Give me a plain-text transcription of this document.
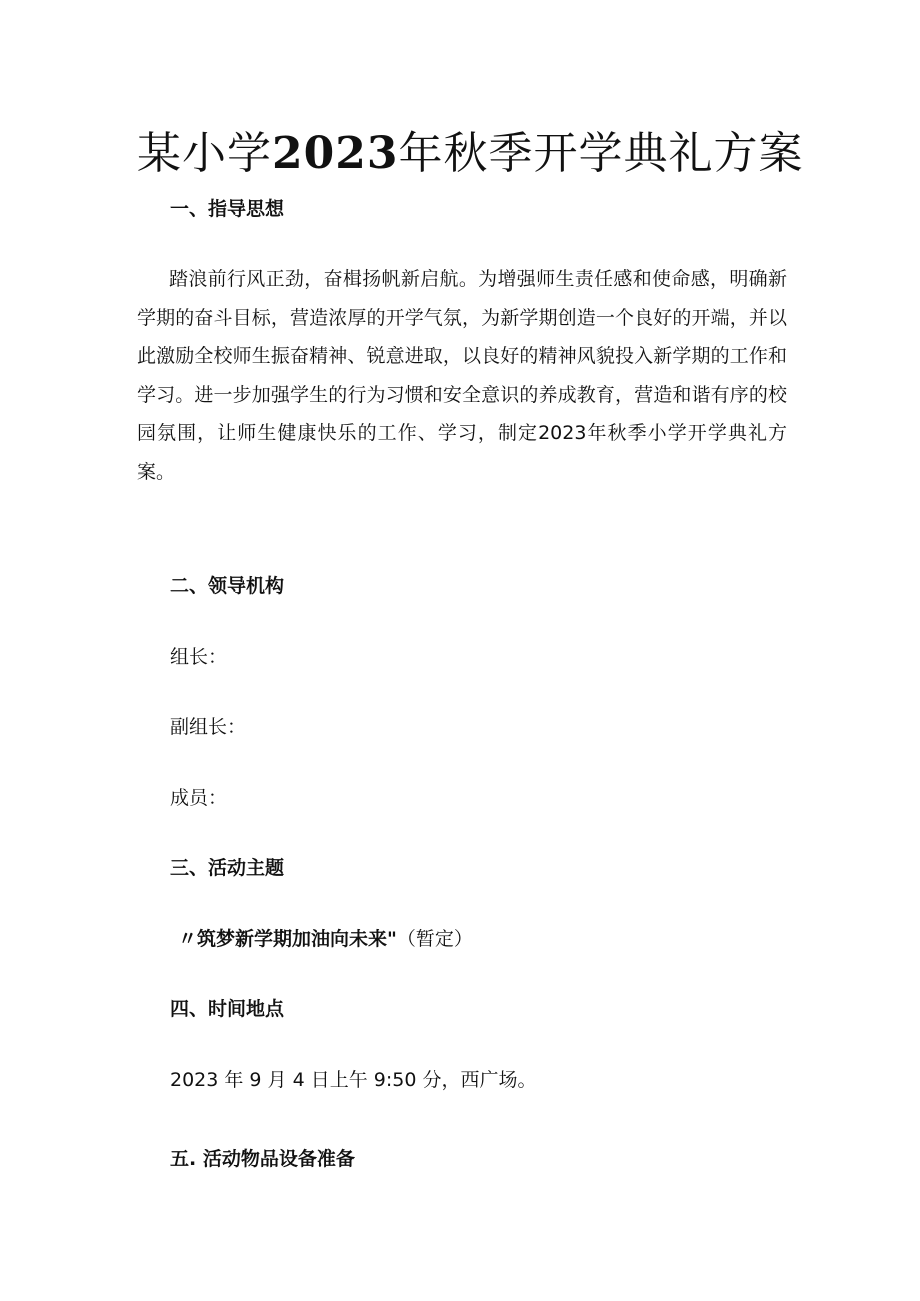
某小学2023年秋季开学典礼方案
一、指导思想

踏浪前行风正劲，奋楫扬帆新启航。为增强师生责任感和使命感，明确新学期的奋斗目标，营造浓厚的开学气氛，为新学期创造一个良好的开端，并以此激励全校师生振奋精神、锐意进取，以良好的精神风貌投入新学期的工作和学习。进一步加强学生的行为习惯和安全意识的养成教育，营造和谐有序的校园氛围，让师生健康快乐的工作、学习，制定2023年秋季小学开学典礼方案。

二、领导机构

组长：

副组长：

成员：

三、活动主题

〃筑梦新学期加油向未来"（暂定）

四、时间地点

2023 年 9 月 4 日上午 9:50 分，西广场。

五. 活动物品设备准备
